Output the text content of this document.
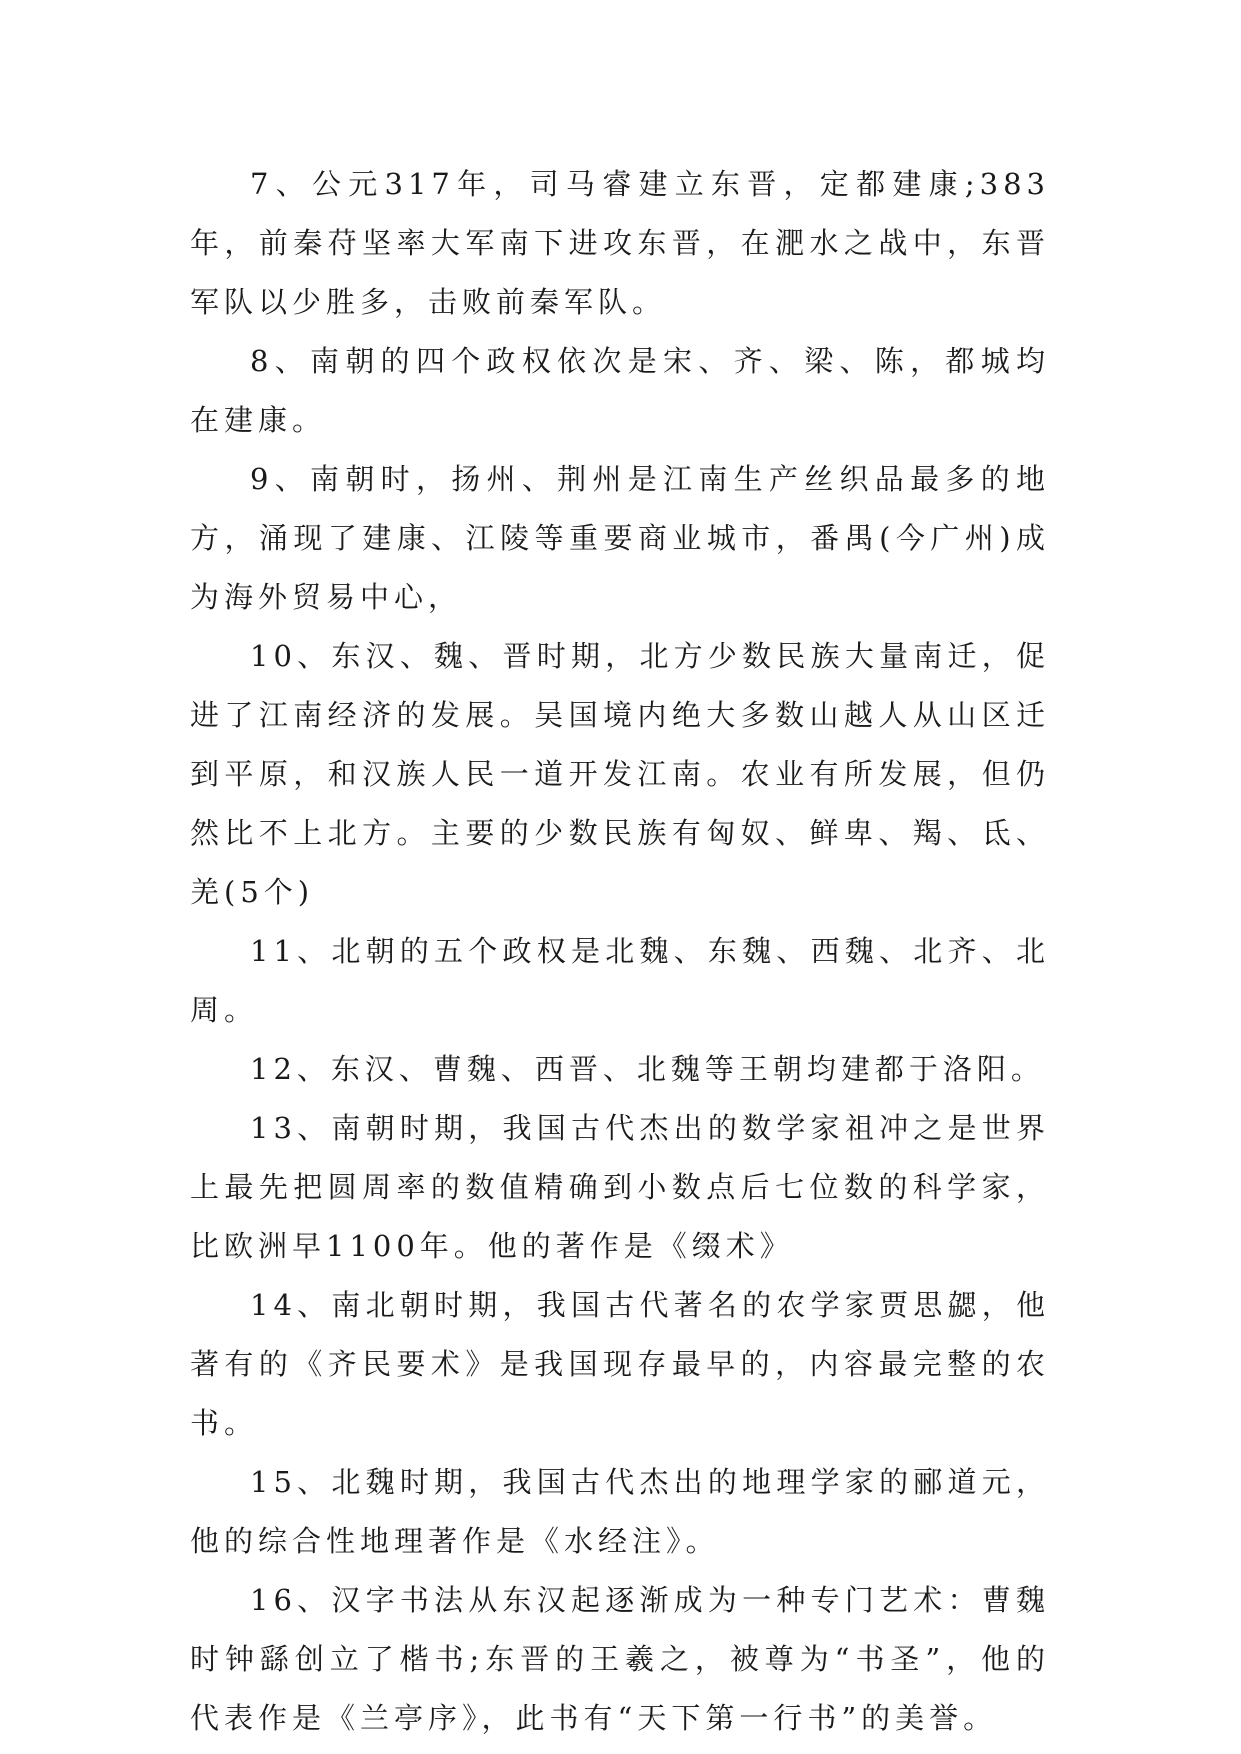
7、公元317年，司马睿建立东晋，定都建康;383年，前秦苻坚率大军南下进攻东晋，在淝水之战中，东晋军队以少胜多，击败前秦军队。

8、南朝的四个政权依次是宋、齐、梁、陈，都城均在建康。

9、南朝时，扬州、荆州是江南生产丝织品最多的地方，涌现了建康、江陵等重要商业城市，番禺(今广州)成为海外贸易中心，

10、东汉、魏、晋时期，北方少数民族大量南迁，促进了江南经济的发展。吴国境内绝大多数山越人从山区迁到平原，和汉族人民一道开发江南。农业有所发展，但仍然比不上北方。主要的少数民族有匈奴、鲜卑、羯、氐、羌(5个)

11、北朝的五个政权是北魏、东魏、西魏、北齐、北周。

12、东汉、曹魏、西晋、北魏等王朝均建都于洛阳。

13、南朝时期，我国古代杰出的数学家祖冲之是世界上最先把圆周率的数值精确到小数点后七位数的科学家，比欧洲早1100年。他的著作是《缀术》

14、南北朝时期，我国古代著名的农学家贾思勰，他著有的《齐民要术》是我国现存最早的，内容最完整的农书。

15、北魏时期，我国古代杰出的地理学家的郦道元，他的综合性地理著作是《水经注》。

16、汉字书法从东汉起逐渐成为一种专门艺术：曹魏时钟繇创立了楷书;东晋的王羲之，被尊为“书圣”，他的代表作是《兰亭序》，此书有“天下第一行书”的美誉。
